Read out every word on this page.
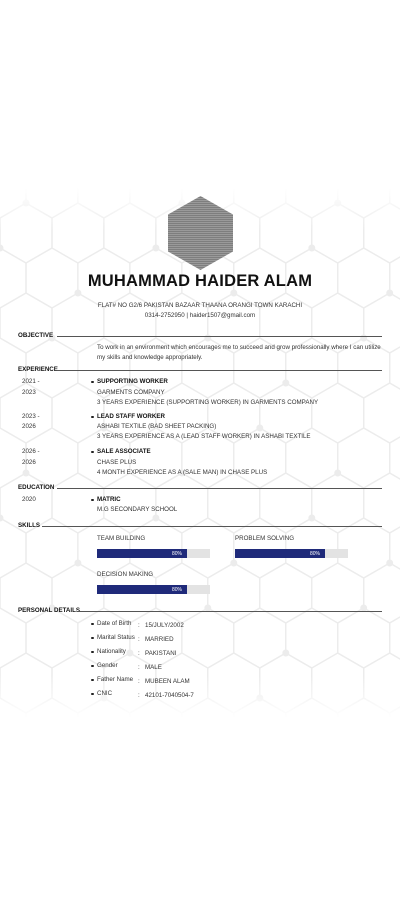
MUHAMMAD HAIDER ALAM
FLAT# NO G2/6 PAKISTAN BAZAAR THAANA ORANGI TOWN KARACHI
0314-2752950 | haider1507@gmail.com
OBJECTIVE
To work in an environment which encourages me to succeed and grow professionally where I can utilize
my skills and knowledge appropriately.
EXPERIENCE
2021 -
2023
SUPPORTING WORKER
GARMENTS COMPANY
3 YEARS EXPERIENCE (SUPPORTING WORKER) IN GARMENTS COMPANY
2023 -
2026
LEAD STAFF WORKER
ASHABI TEXTILE (BAD SHEET PACKING)
3 YEARS EXPERIENCE AS A (LEAD STAFF WORKER) IN ASHABI TEXTILE
2026 -
2026
SALE ASSOCIATE
CHASE PLUS
4 MONTH EXPERIENCE AS A (SALE MAN) IN CHASE PLUS
EDUCATION
2020	MATRIC
M.G SECONDARY SCHOOL
SKILLS
TEAM BUILDING
80%
PROBLEM SOLVING
80%
DECISION MAKING
80%
PERSONAL DETAILS
Date of Birth : 15/JULY/2002
Marital Status : MARRIED
Nationality : PAKISTANI
Gender	: MALE
Father Name : MUBEEN ALAM
CNIC	: 42101-7040504-7
